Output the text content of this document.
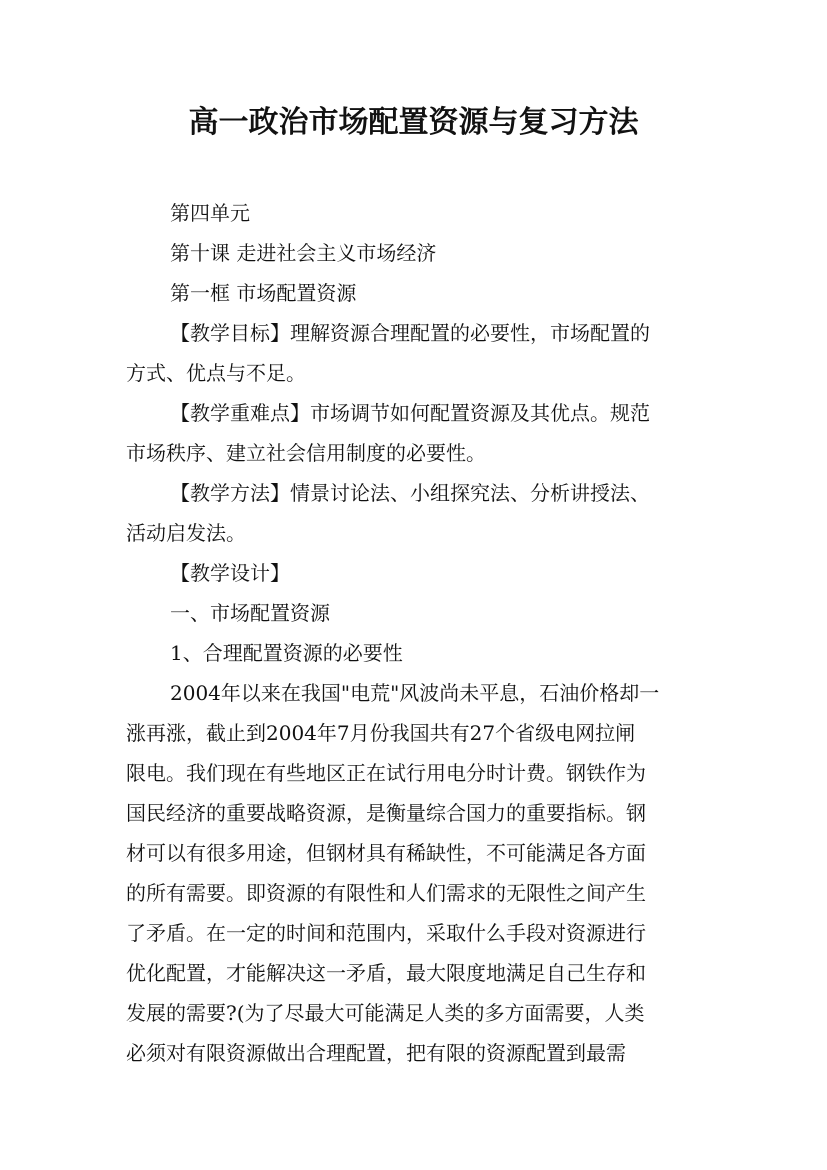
高一政治市场配置资源与复习方法
第四单元
第十课 走进社会主义市场经济
第一框 市场配置资源
【教学目标】理解资源合理配置的必要性，市场配置的
方式、优点与不足。
【教学重难点】市场调节如何配置资源及其优点。规范
市场秩序、建立社会信用制度的必要性。
【教学方法】情景讨论法、小组探究法、分析讲授法、
活动启发法。
【教学设计】
一、市场配置资源
1、合理配置资源的必要性
2004年以来在我国"电荒"风波尚未平息，石油价格却一
涨再涨，截止到2004年7月份我国共有27个省级电网拉闸
限电。我们现在有些地区正在试行用电分时计费。钢铁作为
国民经济的重要战略资源，是衡量综合国力的重要指标。钢
材可以有很多用途，但钢材具有稀缺性，不可能满足各方面
的所有需要。即资源的有限性和人们需求的无限性之间产生
了矛盾。在一定的时间和范围内，采取什么手段对资源进行
优化配置，才能解决这一矛盾，最大限度地满足自己生存和
发展的需要?(为了尽最大可能满足人类的多方面需要，人类
必须对有限资源做出合理配置，把有限的资源配置到最需
